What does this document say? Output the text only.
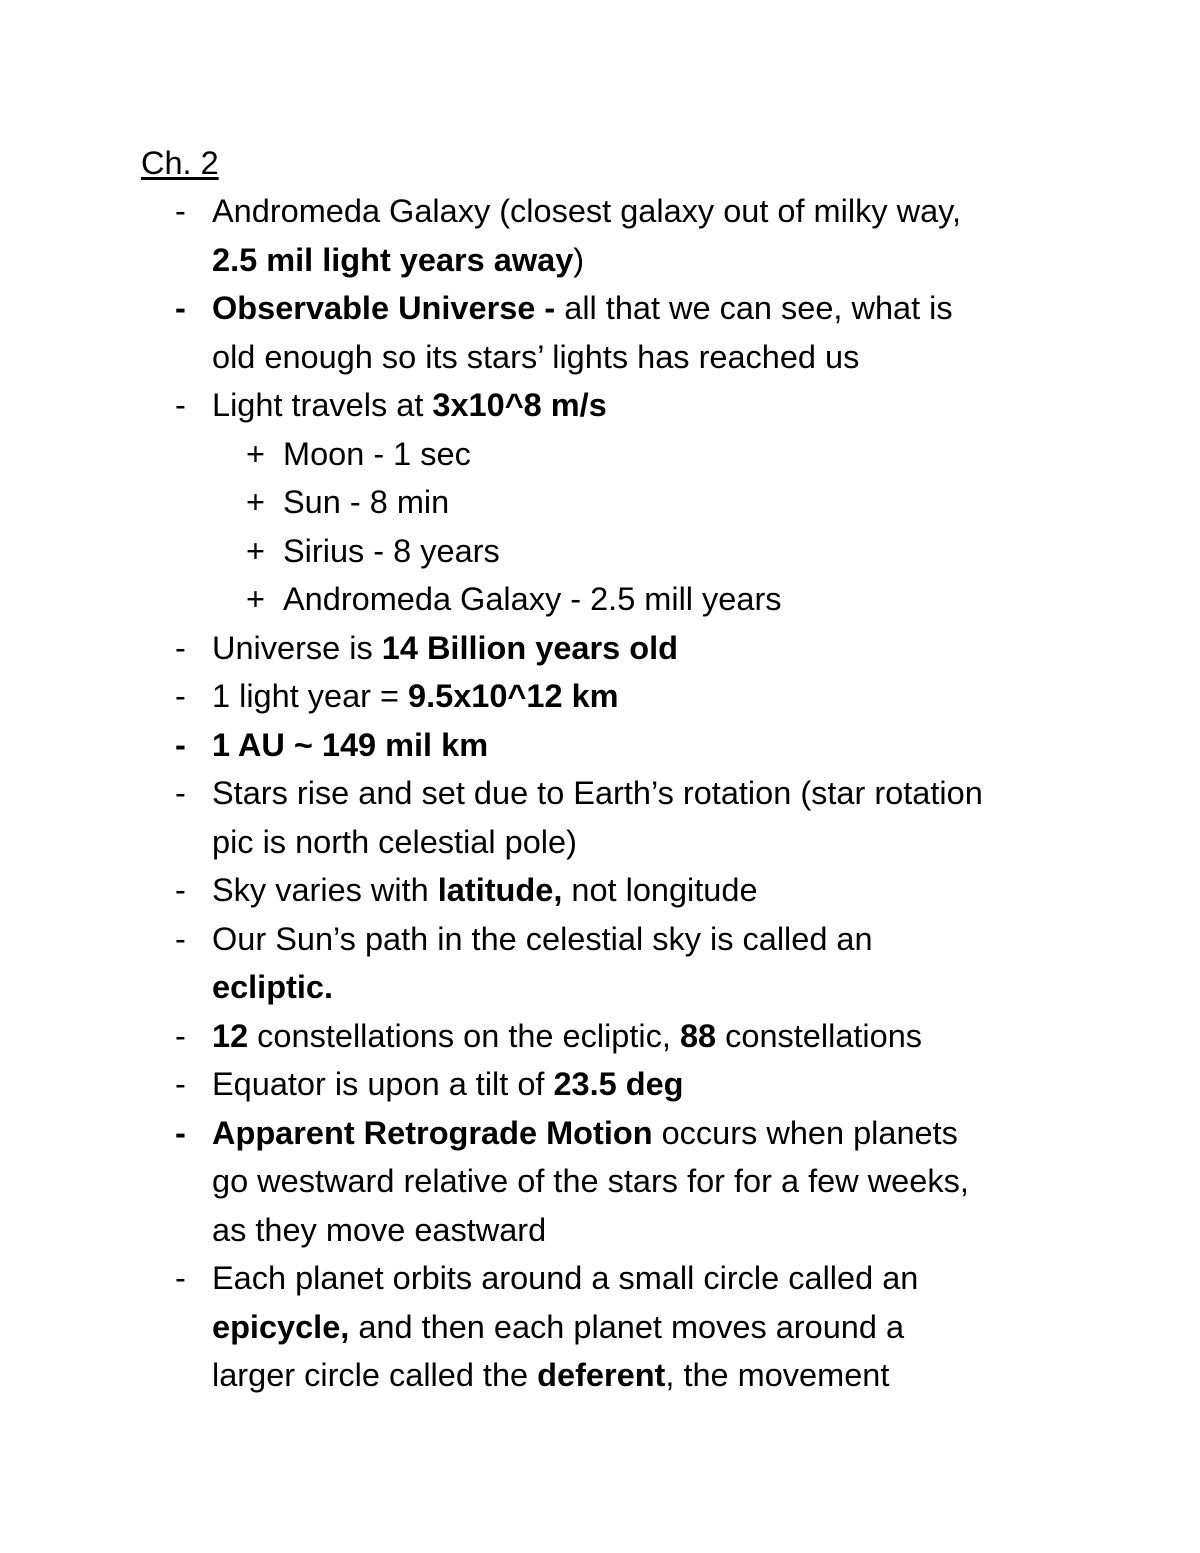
Ch. 2
- Andromeda Galaxy (closest galaxy out of milky way,
2.5 mil light years away)
- Observable Universe - all that we can see, what is
old enough so its stars’ lights has reached us
- Light travels at 3x10^8 m/s
+ Moon - 1 sec
+ Sun - 8 min
+ Sirius - 8 years
+ Andromeda Galaxy - 2.5 mill years
- Universe is 14 Billion years old
- 1 light year = 9.5x10^12 km
- 1 AU ~ 149 mil km
- Stars rise and set due to Earth’s rotation (star rotation
pic is north celestial pole)
- Sky varies with latitude, not longitude
- Our Sun’s path in the celestial sky is called an
ecliptic.
- 12 constellations on the ecliptic, 88 constellations
- Equator is upon a tilt of 23.5 deg
- Apparent Retrograde Motion occurs when planets
go westward relative of the stars for for a few weeks,
as they move eastward
- Each planet orbits around a small circle called an
epicycle, and then each planet moves around a
larger circle called the deferent, the movement
